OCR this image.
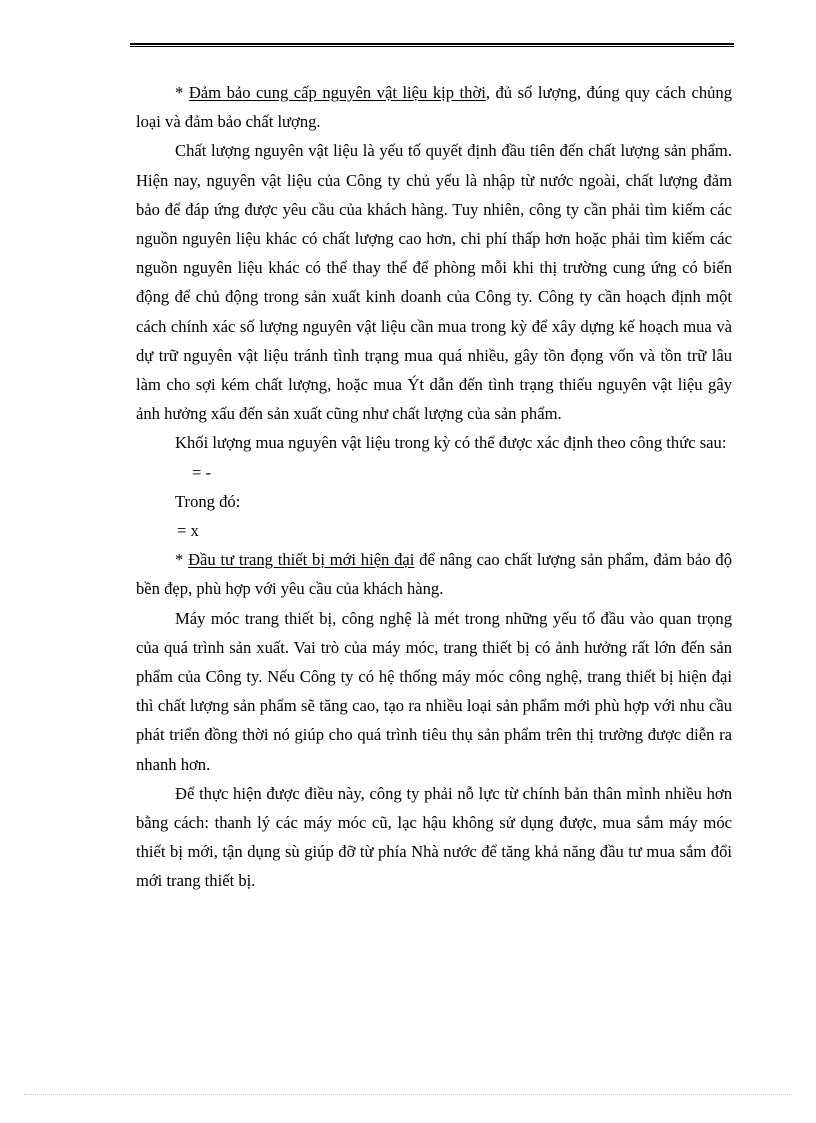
* Đảm bảo cung cấp nguyên vật liệu kịp thời, đủ số lượng, đúng quy cách chủng loại và đảm bảo chất lượng.

Chất lượng nguyên vật liệu là yếu tố quyết định đầu tiên đến chất lượng sản phẩm. Hiện nay, nguyên vật liệu của Công ty chủ yếu là nhập từ nước ngoài, chất lượng đảm bảo để đáp ứng được yêu cầu của khách hàng. Tuy nhiên, công ty cần phải tìm kiếm các nguồn nguyên liệu khác có chất lượng cao hơn, chi phí thấp hơn hoặc phải tìm kiếm các nguồn nguyên liệu khác có thể thay thế để phòng mỗi khi thị trường cung ứng có biến động để chủ động trong sản xuất kinh doanh của Công ty. Công ty cần hoạch định một cách chính xác số lượng nguyên vật liệu cần mua trong kỳ để xây dựng kế hoạch mua và dự trữ nguyên vật liệu tránh tình trạng mua quá nhiều, gây tồn đọng vốn và tồn trữ lâu làm cho sợi kém chất lượng, hoặc mua Ýt dẫn đến tình trạng thiếu nguyên vật liệu gây ảnh hưởng xấu đến sản xuất cũng như chất lượng của sản phẩm.

Khối lượng mua nguyên vật liệu trong kỳ có thể được xác định theo công thức sau:

= -

Trong đó:

= x

* Đầu tư trang thiết bị mới hiện đại để nâng cao chất lượng sản phẩm, đảm bảo độ bền đẹp, phù hợp với yêu cầu của khách hàng.

Máy móc trang thiết bị, công nghệ là mét trong những yếu tố đầu vào quan trọng của quá trình sản xuất. Vai trò của máy móc, trang thiết bị có ảnh hưởng rất lớn đến sản phẩm của Công ty. Nếu Công ty có hệ thống máy móc công nghệ, trang thiết bị hiện đại thì chất lượng sản phẩm sẽ tăng cao, tạo ra nhiều loại sản phẩm mới phù hợp với nhu cầu phát triển đồng thời nó giúp cho quá trình tiêu thụ sản phẩm trên thị trường được diễn ra nhanh hơn.

Để thực hiện được điều này, công ty phải nỗ lực từ chính bản thân mình nhiều hơn bằng cách: thanh lý các máy móc cũ, lạc hậu không sử dụng được, mua sắm máy móc thiết bị mới, tận dụng sù giúp đỡ từ phía Nhà nước để tăng khả năng đầu tư mua sắm đổi mới trang thiết bị.
